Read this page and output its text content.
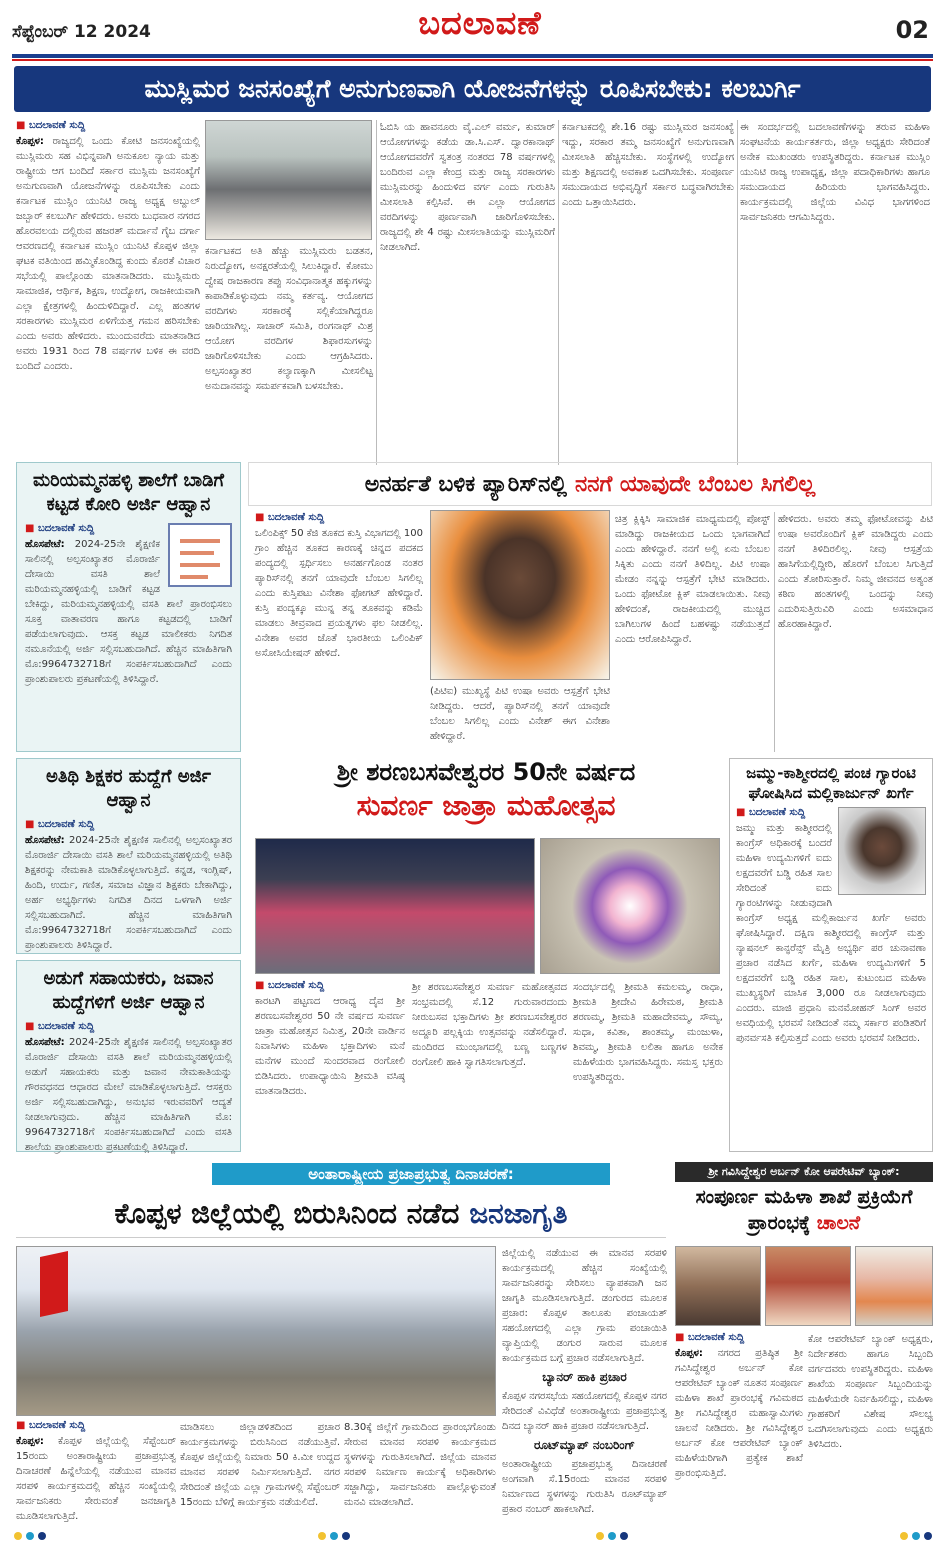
ಸೆಪ್ಟೆಂಬರ್ 12 2024	ಬದಲಾವಣೆ	02
ಮುಸ್ಲಿಮರ ಜನಸಂಖ್ಯೆಗೆ ಅನುಗುಣವಾಗಿ ಯೋಜನೆಗಳನ್ನು ರೂಪಿಸಬೇಕು: ಕಲಬುರ್ಗಿ
■ ಬದಲಾವಣೆ ಸುದ್ದಿ
ಕೊಪ್ಪಳ: ರಾಜ್ಯದಲ್ಲಿ ಒಂದು ಕೋಟಿ ಜನಸಂಖ್ಯೆಯಲ್ಲಿ ಮುಸ್ಲಿಮರು ಸಹ ವಿಭಿನ್ನವಾಗಿ ಅನುಕೂಲ ನ್ಯಾಯ ಮತ್ತು ರಾಷ್ಟ್ರೀಯ ಆಗ ಬಂದಿದೆ ಸರ್ಕಾರ ಮುಸ್ಲಿಮ ಜನಸಂಖ್ಯೆಗೆ ಅನುಗುಣವಾಗಿ ಯೋಜನೆಗಳನ್ನು ರೂಪಿಸಬೇಕು ಎಂದು ಕರ್ನಾಟಕ ಮುಸ್ಲಿಂ ಯುನಿಟಿ ರಾಜ್ಯ ಅಧ್ಯಕ್ಷ ಅಬ್ದುಲ್ ಜಬ್ಬಾರ್ ಕಲಬುರ್ಗಿ ಹೇಳಿದರು. ಅವರು ಬುಧವಾರ ನಗರದ ಹೊರವಲಯ ದಲ್ಲಿರುವ ಹಜರತ್ ಮರ್ದಾನೆ ಗೈಬ ದರ್ಗಾ ಆವರಣದಲ್ಲಿ ಕರ್ನಾಟಕ ಮುಸ್ಲಿಂ ಯುನಿಟಿ ಕೊಪ್ಪಳ ಜಿಲ್ಲಾ ಘಟಕ ವತಿಯಿಂದ ಹಮ್ಮಿಕೊಂಡಿದ್ದ ಕುಂದು ಕೊರತೆ ವಿಚಾರ ಸಭೆಯಲ್ಲಿ ಪಾಲ್ಗೊಂಡು ಮಾತನಾಡಿದರು. ಮುಸ್ಲಿಮರು ಸಾಮಾಜಿಕ, ಆರ್ಥಿಕ, ಶಿಕ್ಷಣ, ಉದ್ಯೋಗ, ರಾಜಕೀಯವಾಗಿ ಎಲ್ಲಾ ಕ್ಷೇತ್ರಗಳಲ್ಲಿ ಹಿಂದುಳಿದಿದ್ದಾರೆ. ಎಲ್ಲ ಹಂತಗಳ ಸರಕಾರಗಳು ಮುಸ್ಲಿಮರ ಏಳಿಗೆಯತ್ತ ಗಮನ ಹರಿಸಬೇಕು ಎಂದು ಅವರು ಹೇಳಿದರು. ಮುಂದುವರೆದು ಮಾತನಾಡಿದ ಅವರು 1931 ರಿಂದ 78 ವರ್ಷಗಳ ಬಳಿಕ ಈ ವರದಿ ಬಂದಿದೆ ಎಂದರು.
ಕರ್ನಾಟಕದ ಅತಿ ಹೆಚ್ಚು ಮುಸ್ಲಿಮರು ಬಡತನ, ನಿರುದ್ಯೋಗ, ಅನಕ್ಷರತೆಯಲ್ಲಿ ಸಿಲುಕಿದ್ದಾರೆ. ಕೋಮು ದ್ವೇಷ ರಾಜಕಾರಣ ತಪ್ಪು ಸಂವಿಧಾನಾತ್ಮಕ ಹಕ್ಕುಗಳನ್ನು ಕಾಪಾಡಿಕೊಳ್ಳುವುದು ನಮ್ಮ ಕರ್ತವ್ಯ. ಆಯೋಗದ ವರದಿಗಳು ಸರಕಾರಕ್ಕೆ ಸಲ್ಲಿಕೆಯಾಗಿದ್ದರೂ ಜಾರಿಯಾಗಿಲ್ಲ. ಸಾಚಾರ್ ಸಮಿತಿ, ರಂಗನಾಥ್ ಮಿಶ್ರ ಆಯೋಗ ವರದಿಗಳ ಶಿಫಾರಸುಗಳನ್ನು ಜಾರಿಗೊಳಿಸಬೇಕು ಎಂದು ಆಗ್ರಹಿಸಿದರು. ಅಲ್ಪಸಂಖ್ಯಾತರ ಕಲ್ಯಾಣಕ್ಕಾಗಿ ಮೀಸಲಿಟ್ಟ ಅನುದಾನವನ್ನು ಸಮರ್ಪಕವಾಗಿ ಬಳಸಬೇಕು.
ಓಬಿಸಿ ಯ ಹಾವನೂರು ವೈ.ಎಲ್ ವರ್ಮ, ಕುಮಾರ್ ಆಯೋಗಗಳನ್ನು ಕಡೆಯ ಡಾ.ಸಿ.ಎಸ್. ದ್ವಾರಕಾನಾಥ್ ಆಯೋಗದವರೆಗೆ ಸ್ವತಂತ್ರ ನಂತರದ 78 ವರ್ಷಗಳಲ್ಲಿ ಬಂದಿರುವ ಎಲ್ಲಾ ಕೇಂದ್ರ ಮತ್ತು ರಾಜ್ಯ ಸರಕಾರಗಳು ಮುಸ್ಲಿಮರನ್ನು ಹಿಂದುಳಿದ ವರ್ಗ ಎಂದು ಗುರುತಿಸಿ ಮೀಸಲಾತಿ ಕಲ್ಪಿಸಿವೆ. ಈ ಎಲ್ಲಾ ಆಯೋಗದ ವರದಿಗಳನ್ನು ಪೂರ್ಣವಾಗಿ ಜಾರಿಗೊಳಿಸಬೇಕು. ರಾಜ್ಯದಲ್ಲಿ ಶೇ 4 ರಷ್ಟು ಮೀಸಲಾತಿಯನ್ನು ಮುಸ್ಲಿಮರಿಗೆ ನೀಡಲಾಗಿದೆ.
ಕರ್ನಾಟಕದಲ್ಲಿ ಶೇ.16 ರಷ್ಟು ಮುಸ್ಲಿಮರ ಜನಸಂಖ್ಯೆ ಇದ್ದು, ಸರಕಾರ ತಮ್ಮ ಜನಸಂಖ್ಯೆಗೆ ಅನುಗುಣವಾಗಿ ಮೀಸಲಾತಿ ಹೆಚ್ಚಿಸಬೇಕು. ಸಂಸ್ಥೆಗಳಲ್ಲಿ ಉದ್ಯೋಗ ಮತ್ತು ಶಿಕ್ಷಣದಲ್ಲಿ ಅವಕಾಶ ಒದಗಿಸಬೇಕು. ಸಂಪೂರ್ಣ ಸಮುದಾಯದ ಅಭಿವೃದ್ಧಿಗೆ ಸರ್ಕಾರ ಬದ್ಧವಾಗಿರಬೇಕು ಎಂದು ಒತ್ತಾಯಿಸಿದರು.
ಈ ಸಂದರ್ಭದಲ್ಲಿ ಬದಲಾವಣೆಗಳನ್ನು ತರುವ ಮಹಿಳಾ ಸಂಘಟನೆಯ ಕಾರ್ಯಕರ್ತರು, ಜಿಲ್ಲಾ ಅಧ್ಯಕ್ಷರು ಸೇರಿದಂತೆ ಅನೇಕ ಮುಖಂಡರು ಉಪಸ್ಥಿತರಿದ್ದರು. ಕರ್ನಾಟಕ ಮುಸ್ಲಿಂ ಯುನಿಟಿ ರಾಜ್ಯ ಉಪಾಧ್ಯಕ್ಷ, ಜಿಲ್ಲಾ ಪದಾಧಿಕಾರಿಗಳು ಹಾಗೂ ಸಮುದಾಯದ ಹಿರಿಯರು ಭಾಗವಹಿಸಿದ್ದರು. ಕಾರ್ಯಕ್ರಮದಲ್ಲಿ ಜಿಲ್ಲೆಯ ವಿವಿಧ ಭಾಗಗಳಿಂದ ಸಾರ್ವಜನಿಕರು ಆಗಮಿಸಿದ್ದರು.
ಮರಿಯಮ್ಮನಹಳ್ಳಿ ಶಾಲೆಗೆ ಬಾಡಿಗೆ ಕಟ್ಟಡ ಕೋರಿ ಅರ್ಜಿ ಆಹ್ವಾನ
■ ಬದಲಾವಣೆ ಸುದ್ದಿ
ಹೊಸಪೇಟೆ: 2024-25ನೇ ಶೈಕ್ಷಣಿಕ ಸಾಲಿನಲ್ಲಿ ಅಲ್ಪಸಂಖ್ಯಾತರ ಮೊರಾರ್ಜಿ ದೇಸಾಯಿ ವಸತಿ ಶಾಲೆ ಮರಿಯಮ್ಮನಹಳ್ಳಿಯಲ್ಲಿ ಬಾಡಿಗೆ ಕಟ್ಟಡ ಬೇಕಿದ್ದು, ಮರಿಯಮ್ಮನಹಳ್ಳಿಯಲ್ಲಿ ವಸತಿ ಶಾಲೆ ಪ್ರಾರಂಭಿಸಲು ಸೂಕ್ತ ವಾತಾವರಣ ಹಾಗೂ ಕಟ್ಟಡದಲ್ಲಿ ಬಾಡಿಗೆ ಪಡೆಯಲಾಗುವುದು. ಆಸಕ್ತ ಕಟ್ಟಡ ಮಾಲೀಕರು ನಿಗದಿತ ನಮೂನೆಯಲ್ಲಿ ಅರ್ಜಿ ಸಲ್ಲಿಸಬಹುದಾಗಿದೆ. ಹೆಚ್ಚಿನ ಮಾಹಿತಿಗಾಗಿ ಮೊ:9964732718ಗೆ ಸಂಪರ್ಕಿಸಬಹುದಾಗಿದೆ ಎಂದು ಪ್ರಾಂಶುಪಾಲರು ಪ್ರಕಟಣೆಯಲ್ಲಿ ತಿಳಿಸಿದ್ದಾರೆ.
ಅತಿಥಿ ಶಿಕ್ಷಕರ ಹುದ್ದೆಗೆ ಅರ್ಜಿ ಆಹ್ವಾನ
■ ಬದಲಾವಣೆ ಸುದ್ದಿ
ಹೊಸಪೇಟೆ: 2024-25ನೇ ಶೈಕ್ಷಣಿಕ ಸಾಲಿನಲ್ಲಿ ಅಲ್ಪಸಂಖ್ಯಾತರ ಮೊರಾರ್ಜಿ ದೇಸಾಯಿ ವಸತಿ ಶಾಲೆ ಮರಿಯಮ್ಮನಹಳ್ಳಿಯಲ್ಲಿ ಅತಿಥಿ ಶಿಕ್ಷಕರನ್ನು ನೇಮಕಾತಿ ಮಾಡಿಕೊಳ್ಳಲಾಗುತ್ತಿದೆ. ಕನ್ನಡ, ಇಂಗ್ಲಿಷ್, ಹಿಂದಿ, ಉರ್ದು, ಗಣಿತ, ಸಮಾಜ ವಿಜ್ಞಾನ ಶಿಕ್ಷಕರು ಬೇಕಾಗಿದ್ದು, ಅರ್ಹ ಅಭ್ಯರ್ಥಿಗಳು ನಿಗದಿತ ದಿನದ ಒಳಗಾಗಿ ಅರ್ಜಿ ಸಲ್ಲಿಸಬಹುದಾಗಿದೆ. ಹೆಚ್ಚಿನ ಮಾಹಿತಿಗಾಗಿ ಮೊ:9964732718ಗೆ ಸಂಪರ್ಕಿಸಬಹುದಾಗಿದೆ ಎಂದು ಪ್ರಾಂಶುಪಾಲರು ತಿಳಿಸಿದ್ದಾರೆ.
ಅಡುಗೆ ಸಹಾಯಕರು, ಜವಾನ ಹುದ್ದೆಗಳಿಗೆ ಅರ್ಜಿ ಆಹ್ವಾನ
■ ಬದಲಾವಣೆ ಸುದ್ದಿ
ಹೊಸಪೇಟೆ: 2024-25ನೇ ಶೈಕ್ಷಣಿಕ ಸಾಲಿನಲ್ಲಿ ಅಲ್ಪಸಂಖ್ಯಾತರ ಮೊರಾರ್ಜಿ ದೇಸಾಯಿ ವಸತಿ ಶಾಲೆ ಮರಿಯಮ್ಮನಹಳ್ಳಿಯಲ್ಲಿ ಅಡುಗೆ ಸಹಾಯಕರು ಮತ್ತು ಜವಾನ ನೇಮಕಾತಿಯನ್ನು ಗೌರವಧನದ ಆಧಾರದ ಮೇಲೆ ಮಾಡಿಕೊಳ್ಳಲಾಗುತ್ತಿದೆ. ಆಸಕ್ತರು ಅರ್ಜಿ ಸಲ್ಲಿಸಬಹುದಾಗಿದ್ದು, ಅನುಭವ ಇರುವವರಿಗೆ ಆದ್ಯತೆ ನೀಡಲಾಗುವುದು. ಹೆಚ್ಚಿನ ಮಾಹಿತಿಗಾಗಿ ಮೊ: 9964732718ಗೆ ಸಂಪರ್ಕಿಸಬಹುದಾಗಿದೆ ಎಂದು ವಸತಿ ಶಾಲೆಯ ಪ್ರಾಂಶುಪಾಲರು ಪ್ರಕಟಣೆಯಲ್ಲಿ ತಿಳಿಸಿದ್ದಾರೆ.
ಅನರ್ಹತೆ ಬಳಿಕ ಪ್ಯಾರಿಸ್‌ನಲ್ಲಿ ನನಗೆ ಯಾವುದೇ ಬೆಂಬಲ ಸಿಗಲಿಲ್ಲ
■ ಬದಲಾವಣೆ ಸುದ್ದಿ
ಒಲಿಂಪಿಕ್ಸ್ 50 ಕೆಜಿ ತೂಕದ ಕುಸ್ತಿ ವಿಭಾಗದಲ್ಲಿ 100 ಗ್ರಾಂ ಹೆಚ್ಚಿನ ತೂಕದ ಕಾರಣಕ್ಕೆ ಚಿನ್ನದ ಪದಕದ ಪಂದ್ಯದಲ್ಲಿ ಸ್ಪರ್ಧಿಸಲು ಅನರ್ಹಗೊಂಡ ನಂತರ ಪ್ಯಾರಿಸ್‌ನಲ್ಲಿ ತನಗೆ ಯಾವುದೇ ಬೆಂಬಲ ಸಿಗಲಿಲ್ಲ ಎಂದು ಕುಸ್ತಿಪಟು ವಿನೇಶಾ ಫೋಗಟ್ ಹೇಳಿದ್ದಾರೆ. ಕುಸ್ತಿ ಪಂದ್ಯಕ್ಕೂ ಮುನ್ನ ತನ್ನ ತೂಕವನ್ನು ಕಡಿಮೆ ಮಾಡಲು ತೀವ್ರವಾದ ಪ್ರಯತ್ನಗಳು ಫಲ ನೀಡಲಿಲ್ಲ. ವಿನೇಶಾ ಅವರ ಜೊತೆ ಭಾರತೀಯ ಒಲಿಂಪಿಕ್ ಅಸೋಸಿಯೇಷನ್ ಹೇಳಿದೆ.
(ಪಿಟಿಐ) ಮುಖ್ಯಸ್ಥೆ ಪಿಟಿ ಉಷಾ ಅವರು ಆಸ್ಪತ್ರೆಗೆ ಭೇಟಿ ನೀಡಿದ್ದರು. ಆದರೆ, ಪ್ಯಾರಿಸ್‌ನಲ್ಲಿ ತನಗೆ ಯಾವುದೇ ಬೆಂಬಲ ಸಿಗಲಿಲ್ಲ ಎಂದು ವಿನೇಶ್ ಈಗ ವಿನೇಶಾ ಹೇಳಿದ್ದಾರೆ.
ಚಿತ್ರ ಕ್ಲಿಕ್ಕಿಸಿ ಸಾಮಾಜಿಕ ಮಾಧ್ಯಮದಲ್ಲಿ ಪೋಸ್ಟ್ ಮಾಡಿದ್ದು ರಾಜಕೀಯದ ಒಂದು ಭಾಗವಾಗಿದೆ ಎಂದು ಹೇಳಿದ್ದಾರೆ. ನನಗೆ ಅಲ್ಲಿ ಏನು ಬೆಂಬಲ ಸಿಕ್ಕಿತು ಎಂದು ನನಗೆ ತಿಳಿದಿಲ್ಲ. ಪಿಟಿ ಉಷಾ ಮೇಡಂ ನನ್ನನ್ನು ಆಸ್ಪತ್ರೆಗೆ ಭೇಟಿ ಮಾಡಿದರು. ಒಂದು ಫೋಟೋ ಕ್ಲಿಕ್ ಮಾಡಲಾಯಿತು. ನೀವು ಹೇಳಿದಂತೆ, ರಾಜಕೀಯದಲ್ಲಿ ಮುಚ್ಚಿದ ಬಾಗಿಲುಗಳ ಹಿಂದೆ ಬಹಳಷ್ಟು ನಡೆಯುತ್ತದೆ ಎಂದು ಆರೋಪಿಸಿದ್ದಾರೆ.
ಹೇಳಿದರು. ಅವರು ತಮ್ಮ ಫೋಟೋವನ್ನು ಪಿಟಿ ಉಷಾ ಅವರೊಂದಿಗೆ ಕ್ಲಿಕ್ ಮಾಡಿದ್ದರು ಎಂದು ನನಗೆ ತಿಳಿದಿರಲಿಲ್ಲ. ನೀವು ಆಸ್ಪತ್ರೆಯ ಹಾಸಿಗೆಯಲ್ಲಿದ್ದೀರಿ, ಹೊರಗೆ ಬೆಂಬಲ ಸಿಗುತ್ತಿದೆ ಎಂದು ತೋರಿಸುತ್ತಾರೆ. ನಿಮ್ಮ ಜೀವನದ ಅತ್ಯಂತ ಕಠಿಣ ಹಂತಗಳಲ್ಲಿ ಒಂದನ್ನು ನೀವು ಎದುರಿಸುತ್ತಿರುವಿರಿ ಎಂದು ಅಸಮಾಧಾನ ಹೊರಹಾಕಿದ್ದಾರೆ.
ಶ್ರೀ ಶರಣಬಸವೇಶ್ವರರ 50ನೇ ವರ್ಷದ
ಸುವರ್ಣ ಜಾತ್ರಾ ಮಹೋತ್ಸವ
■ ಬದಲಾವಣೆ ಸುದ್ದಿ
ಕಾರಟಗಿ ಪಟ್ಟಣದ ಆರಾಧ್ಯ ದೈವ ಶ್ರೀ ಶರಣಬಸವೇಶ್ವರರ 50 ನೇ ವರ್ಷದ ಸುವರ್ಣ ಜಾತ್ರಾ ಮಹೋತ್ಸವ ನಿಮಿತ್ತ, 20ನೇ ವಾರ್ಡಿನ ನಿವಾಸಿಗಳು ಮಹಿಳಾ ಭಕ್ತಾದಿಗಳು ಮನೆ ಮನೆಗಳ ಮುಂದೆ ಸುಂದರವಾದ ರಂಗೋಲಿ ಬಿಡಿಸಿದರು. ಉಪಾಧ್ಯಾಯಿನಿ ಶ್ರೀಮತಿ ವಸಿಷ್ಠ ಮಾತನಾಡಿದರು.
ಶ್ರೀ ಶರಣಬಸವೇಶ್ವರ ಸುವರ್ಣ ಮಹೋತ್ಸವದ ಸಂಭ್ರಮದಲ್ಲಿ ಸೆ.12 ಗುರುವಾರದಂದು ನೀರುಬಸವ ಭಕ್ತಾದಿಗಳು ಶ್ರೀ ಶರಣಬಸವೇಶ್ವರರ ಅದ್ದೂರಿ ಪಲ್ಲಕ್ಕಿಯ ಉತ್ಸವವನ್ನು ನಡೆಸಲಿದ್ದಾರೆ. ಮಂದಿರದ ಮುಂಭಾಗದಲ್ಲಿ ಬಣ್ಣ ಬಣ್ಣಗಳ ರಂಗೋಲಿ ಹಾಕಿ ಸ್ವಾಗತಿಸಲಾಗುತ್ತದೆ.
ಸಂದರ್ಭದಲ್ಲಿ ಶ್ರೀಮತಿ ಕಮಲಮ್ಮ, ರಾಧಾ, ಶ್ರೀಮತಿ ಶ್ರೀದೇವಿ ಹಿರೇಮಠ, ಶ್ರೀಮತಿ ಶರಣಮ್ಮ, ಶ್ರೀಮತಿ ಮಹಾದೇವಮ್ಮ, ಸೌಮ್ಯ, ಸುಧಾ, ಕವಿತಾ, ಶಾಂತಮ್ಮ, ಮಂಜುಳಾ, ಶಿವಮ್ಮ, ಶ್ರೀಮತಿ ಲಲಿತಾ ಹಾಗೂ ಅನೇಕ ಮಹಿಳೆಯರು ಭಾಗವಹಿಸಿದ್ದರು. ಸಮಸ್ತ ಭಕ್ತರು ಉಪಸ್ಥಿತರಿದ್ದರು.
ಜಮ್ಮು-ಕಾಶ್ಮೀರದಲ್ಲಿ ಪಂಚ ಗ್ಯಾರಂಟಿ ಘೋಷಿಸಿದ ಮಲ್ಲಿಕಾರ್ಜುನ್ ಖರ್ಗೆ
■ ಬದಲಾವಣೆ ಸುದ್ದಿ
ಜಮ್ಮು ಮತ್ತು ಕಾಶ್ಮೀರದಲ್ಲಿ ಕಾಂಗ್ರೆಸ್ ಅಧಿಕಾರಕ್ಕೆ ಬಂದರೆ ಮಹಿಳಾ ಉದ್ಯಮಿಗಳಿಗೆ ಐದು ಲಕ್ಷದವರೆಗೆ ಬಡ್ಡಿ ರಹಿತ ಸಾಲ ಸೇರಿದಂತೆ ಐದು ಗ್ಯಾರಂಟಿಗಳನ್ನು ನೀಡುವುದಾಗಿ ಕಾಂಗ್ರೆಸ್ ಅಧ್ಯಕ್ಷ ಮಲ್ಲಿಕಾರ್ಜುನ ಖರ್ಗೆ ಅವರು ಘೋಷಿಸಿದ್ದಾರೆ. ದಕ್ಷಿಣ ಕಾಶ್ಮೀರದಲ್ಲಿ ಕಾಂಗ್ರೆಸ್ ಮತ್ತು ನ್ಯಾಷನಲ್ ಕಾನ್ಫರೆನ್ಸ್ ಮೈತ್ರಿ ಅಭ್ಯರ್ಥಿ ಪರ ಚುನಾವಣಾ ಪ್ರಚಾರ ನಡೆಸಿದ ಖರ್ಗೆ, ಮಹಿಳಾ ಉದ್ಯಮಿಗಳಿಗೆ 5 ಲಕ್ಷದವರೆಗೆ ಬಡ್ಡಿ ರಹಿತ ಸಾಲ, ಕುಟುಂಬದ ಮಹಿಳಾ ಮುಖ್ಯಸ್ಥರಿಗೆ ಮಾಸಿಕ 3,000 ರೂ ನೀಡಲಾಗುವುದು ಎಂದರು. ಮಾಜಿ ಪ್ರಧಾನಿ ಮನಮೋಹನ್ ಸಿಂಗ್ ಅವರ ಅವಧಿಯಲ್ಲಿ ಭರವಸೆ ನೀಡಿದಂತೆ ನಮ್ಮ ಸರ್ಕಾರ ಪಂಡಿತರಿಗೆ ಪುನರ್ವಸತಿ ಕಲ್ಪಿಸುತ್ತದೆ ಎಂದು ಅವರು ಭರವಸೆ ನೀಡಿದರು.
ಅಂತಾರಾಷ್ಟ್ರೀಯ ಪ್ರಜಾಪ್ರಭುತ್ವ ದಿನಾಚರಣೆ:
ಕೊಪ್ಪಳ ಜಿಲ್ಲೆಯಲ್ಲಿ ಬಿರುಸಿನಿಂದ ನಡೆದ ಜನಜಾಗೃತಿ
■ ಬದಲಾವಣೆ ಸುದ್ದಿ
ಕೊಪ್ಪಳ: ಕೊಪ್ಪಳ ಜಿಲ್ಲೆಯಲ್ಲಿ ಸೆಪ್ಟೆಂಬರ್ 15ರಂದು ಅಂತಾರಾಷ್ಟ್ರೀಯ ಪ್ರಜಾಪ್ರಭುತ್ವ ದಿನಾಚರಣೆ ಹಿನ್ನೆಲೆಯಲ್ಲಿ ನಡೆಯುವ ಮಾನವ ಸರಪಳಿ ಕಾರ್ಯಕ್ರಮದಲ್ಲಿ ಹೆಚ್ಚಿನ ಸಂಖ್ಯೆಯಲ್ಲಿ ಸಾರ್ವಜನಿಕರು ಸೇರುವಂತೆ ಜನಜಾಗೃತಿ ಮೂಡಿಸಲಾಗುತ್ತಿದೆ.
ಮಾಡಿಸಲು ಜಿಲ್ಲಾಡಳಿತದಿಂದ ಪ್ರಚಾರ ಕಾರ್ಯಕ್ರಮಗಳನ್ನು ಬಿರುಸಿನಿಂದ ನಡೆಯುತ್ತಿವೆ. ಕೊಪ್ಪಳ ಜಿಲ್ಲೆಯಲ್ಲಿ ನಿಮಾರು 50 ಕಿ.ಮೀ ಉದ್ದದ ಮಾನವ ಸರಪಳಿ ನಿರ್ಮಿಸಲಾಗುತ್ತಿದೆ. ನಗರ ಸೇರಿದಂತೆ ಜಿಲ್ಲೆಯ ಎಲ್ಲಾ ಗ್ರಾಮಗಳಲ್ಲಿ ಸೆಪ್ಟೆಂಬರ್ 15ರಂದು ಬೆಳಿಗ್ಗೆ ಕಾರ್ಯಕ್ರಮ ನಡೆಯಲಿದೆ.
8.30ಕ್ಕೆ ಜಿಲ್ಲೆಗೆ ಗ್ರಾಮದಿಂದ ಪ್ರಾರಂಭಗೊಂಡು ಸೇರುವ ಮಾನವ ಸರಪಳಿ ಕಾರ್ಯಕ್ರಮದ ಸ್ಥಳಗಳನ್ನು ಗುರುತಿಸಲಾಗಿದೆ. ಜಿಲ್ಲೆಯ ಮಾನವ ಸರಪಳಿ ನಿರ್ಮಾಣ ಕಾರ್ಯಕ್ಕೆ ಅಧಿಕಾರಿಗಳು ಸಜ್ಜಾಗಿದ್ದು, ಸಾರ್ವಜನಿಕರು ಪಾಲ್ಗೊಳ್ಳುವಂತೆ ಮನವಿ ಮಾಡಲಾಗಿದೆ.
ಜಿಲ್ಲೆಯಲ್ಲಿ ನಡೆಯುವ ಈ ಮಾನವ ಸರಪಳಿ ಕಾರ್ಯಕ್ರಮದಲ್ಲಿ ಹೆಚ್ಚಿನ ಸಂಖ್ಯೆಯಲ್ಲಿ ಸಾರ್ವಜನಿಕರನ್ನು ಸೇರಿಸಲು ವ್ಯಾಪಕವಾಗಿ ಜನ ಜಾಗೃತಿ ಮೂಡಿಸಲಾಗುತ್ತಿದೆ. ಡಂಗುರದ ಮೂಲಕ ಪ್ರಚಾರ: ಕೊಪ್ಪಳ ತಾಲೂಕು ಪಂಚಾಯತ್ ಸಹಯೋಗದಲ್ಲಿ ಎಲ್ಲಾ ಗ್ರಾಮ ಪಂಚಾಯಿತಿ ವ್ಯಾಪ್ತಿಯಲ್ಲಿ ಡಂಗುರ ಸಾರುವ ಮೂಲಕ ಕಾರ್ಯಕ್ರಮದ ಬಗ್ಗೆ ಪ್ರಚಾರ ನಡೆಸಲಾಗುತ್ತಿದೆ.
ಬ್ಯಾನರ್ ಹಾಕಿ ಪ್ರಚಾರ
ಕೊಪ್ಪಳ ನಗರಸಭೆಯ ಸಹಯೋಗದಲ್ಲಿ ಕೊಪ್ಪಳ ನಗರ ಸೇರಿದಂತೆ ವಿವಿಧೆಡೆ ಅಂತಾರಾಷ್ಟ್ರೀಯ ಪ್ರಜಾಪ್ರಭುತ್ವ ದಿನದ ಬ್ಯಾನರ್ ಹಾಕಿ ಪ್ರಚಾರ ನಡೆಸಲಾಗುತ್ತಿದೆ.
ರೂಟ್‌ಮ್ಯಾಪ್ ನಂಬರಿಂಗ್
ಅಂತಾರಾಷ್ಟ್ರೀಯ ಪ್ರಜಾಪ್ರಭುತ್ವ ದಿನಾಚರಣೆ ಅಂಗವಾಗಿ ಸೆ.15ರಂದು ಮಾನವ ಸರಪಳಿ ನಿರ್ಮಾಣದ ಸ್ಥಳಗಳನ್ನು ಗುರುತಿಸಿ ರೂಟ್‌ಮ್ಯಾಪ್ ಪ್ರಕಾರ ನಂಬರ್ ಹಾಕಲಾಗಿದೆ.
ಶ್ರೀ ಗವಿಸಿದ್ದೇಶ್ವರ ಅರ್ಬನ್ ಕೋ ಆಪರೇಟಿವ್ ಬ್ಯಾಂಕ್:
ಸಂಪೂರ್ಣ ಮಹಿಳಾ ಶಾಖೆ ಪ್ರಕ್ರಿಯೆಗೆ ಪ್ರಾರಂಭಕ್ಕೆ ಚಾಲನೆ
■ ಬದಲಾವಣೆ ಸುದ್ದಿ
ಕೊಪ್ಪಳ: ನಗರದ ಪ್ರತಿಷ್ಠಿತ ಶ್ರೀ ಗವಿಸಿದ್ದೇಶ್ವರ ಅರ್ಬನ್ ಕೋ ಆಪರೇಟಿವ್ ಬ್ಯಾಂಕ್ ನೂತನ ಸಂಪೂರ್ಣ ಮಹಿಳಾ ಶಾಖೆ ಪ್ರಾರಂಭಕ್ಕೆ ಗವಿಮಠದ ಶ್ರೀ ಗವಿಸಿದ್ದೇಶ್ವರ ಮಹಾಸ್ವಾಮಿಗಳು ಚಾಲನೆ ನೀಡಿದರು. ಶ್ರೀ ಗವಿಸಿದ್ದೇಶ್ವರ ಅರ್ಬನ್ ಕೋ ಆಪರೇಟಿವ್ ಬ್ಯಾಂಕ್ ಮಹಿಳೆಯರಿಗಾಗಿ ಪ್ರತ್ಯೇಕ ಶಾಖೆ ಪ್ರಾರಂಭಿಸುತ್ತಿದೆ.
ಕೋ ಆಪರೇಟಿವ್ ಬ್ಯಾಂಕ್ ಅಧ್ಯಕ್ಷರು, ನಿರ್ದೇಶಕರು ಹಾಗೂ ಸಿಬ್ಬಂದಿ ವರ್ಗದವರು ಉಪಸ್ಥಿತರಿದ್ದರು. ಮಹಿಳಾ ಶಾಖೆಯ ಸಂಪೂರ್ಣ ಸಿಬ್ಬಂದಿಯನ್ನು ಮಹಿಳೆಯರೇ ನಿರ್ವಹಿಸಲಿದ್ದು, ಮಹಿಳಾ ಗ್ರಾಹಕರಿಗೆ ವಿಶೇಷ ಸೌಲಭ್ಯ ಒದಗಿಸಲಾಗುವುದು ಎಂದು ಅಧ್ಯಕ್ಷರು ತಿಳಿಸಿದರು.
